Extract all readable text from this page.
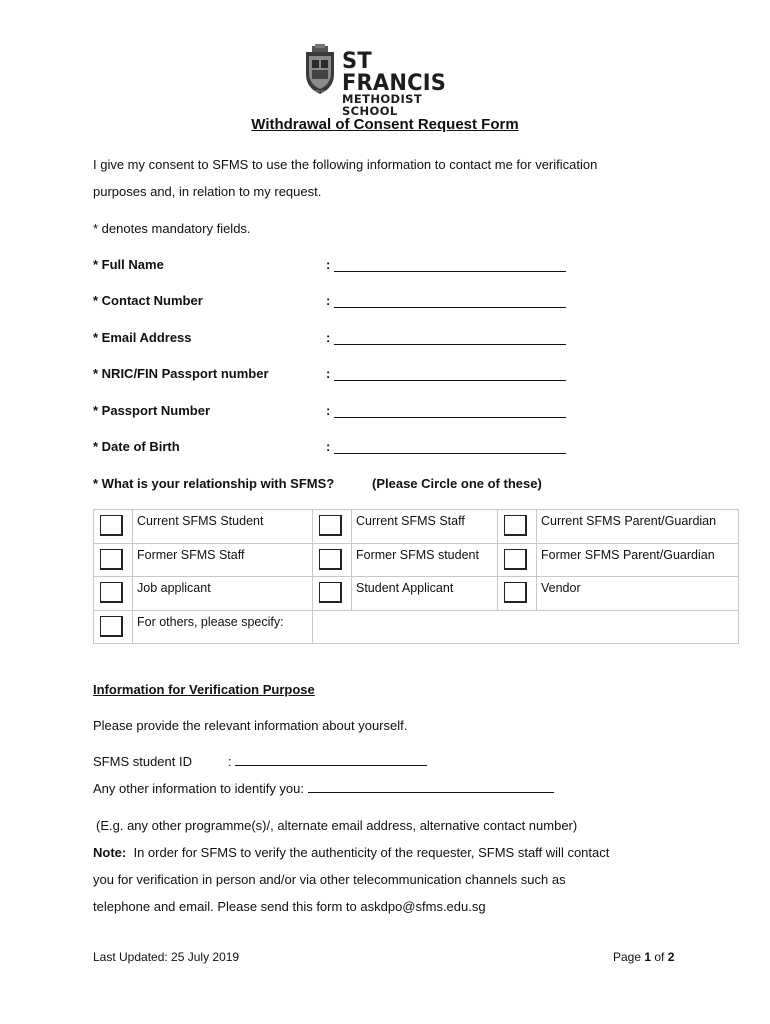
ESTD 1960
ST FRANCIS
METHODIST SCHOOL
Withdrawal of Consent Request Form
I give my consent to SFMS to use the following information to contact me for verification
purposes and, in relation to my request.
* denotes mandatory fields.
* Full Name	:
* Contact Number	:
* Email Address	:
* NRIC/FIN Passport number	:
* Passport Number	:
* Date of Birth	:
* What is your relationship with SFMS?	(Please Circle one of these)
	Current SFMS Student		Current SFMS Staff		Current SFMS Parent/Guardian

	Former SFMS Staff		Former SFMS student		Former SFMS Parent/Guardian

	Job applicant		Student Applicant		Vendor

	For others, please specify:				
Information for Verification Purpose
Please provide the relevant information about yourself.
SFMS student ID	:
Any other information to identify you:
(E.g. any other programme(s)/, alternate email address, alternative contact number)
Note: In order for SFMS to verify the authenticity of the requester, SFMS staff will contact
you for verification in person and/or via other telecommunication channels such as
telephone and email. Please send this form to askdpo@sfms.edu.sg
Last Updated: 25 July 2019	Page 1 of 2
